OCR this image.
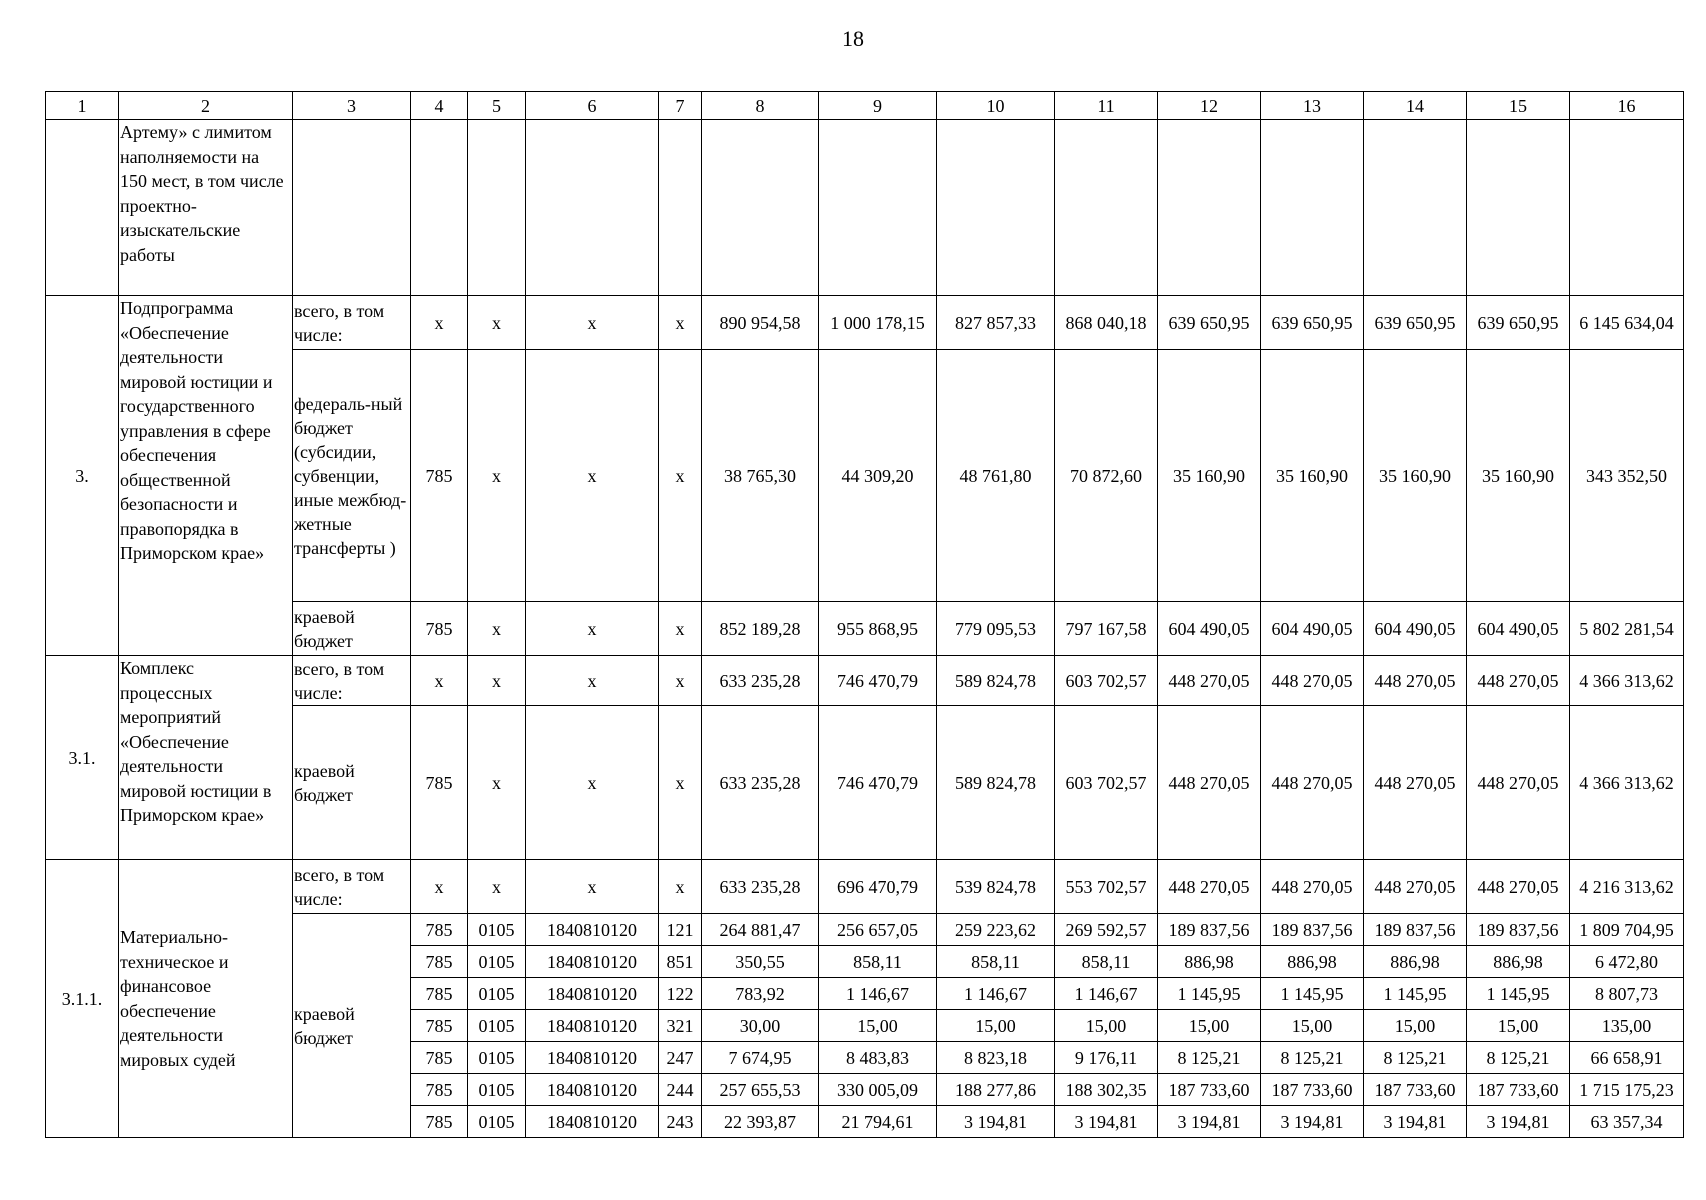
18
1	2	3	4	5	6	7	8	9	10	11	12	13	14	15	16
	Артему» с лимитом наполняемости на 150 мест, в том числе проектно-изыскательские работы														
3.	Подпрограмма «Обеспечение деятельности мировой юстиции и государственного управления в сфере обеспечения общественной безопасности и правопорядка в Приморском крае»	всего, в том числе:	x	x	x	x	890 954,58	1 000 178,15	827 857,33	868 040,18	639 650,95	639 650,95	639 650,95	639 650,95	6 145 634,04
		федераль-ный бюджет (субсидии, субвенции, иные межбюд-жетные трансферты )	785	x	x	x	38 765,30	44 309,20	48 761,80	70 872,60	35 160,90	35 160,90	35 160,90	35 160,90	343 352,50
		краевой бюджет	785	x	x	x	852 189,28	955 868,95	779 095,53	797 167,58	604 490,05	604 490,05	604 490,05	604 490,05	5 802 281,54
3.1.	Комплекс процессных мероприятий «Обеспечение деятельности мировой юстиции в Приморском крае»	всего, в том числе:	x	x	x	x	633 235,28	746 470,79	589 824,78	603 702,57	448 270,05	448 270,05	448 270,05	448 270,05	4 366 313,62
		краевой бюджет	785	x	x	x	633 235,28	746 470,79	589 824,78	603 702,57	448 270,05	448 270,05	448 270,05	448 270,05	4 366 313,62
3.1.1.	Материально-техническое и финансовое обеспечение деятельности мировых судей	всего, в том числе:	x	x	x	x	633 235,28	696 470,79	539 824,78	553 702,57	448 270,05	448 270,05	448 270,05	448 270,05	4 216 313,62
		краевой бюджет	785	0105	1840810120	121	264 881,47	256 657,05	259 223,62	269 592,57	189 837,56	189 837,56	189 837,56	189 837,56	1 809 704,95
			785	0105	1840810120	851	350,55	858,11	858,11	858,11	886,98	886,98	886,98	886,98	6 472,80
			785	0105	1840810120	122	783,92	1 146,67	1 146,67	1 146,67	1 145,95	1 145,95	1 145,95	1 145,95	8 807,73
			785	0105	1840810120	321	30,00	15,00	15,00	15,00	15,00	15,00	15,00	15,00	135,00
			785	0105	1840810120	247	7 674,95	8 483,83	8 823,18	9 176,11	8 125,21	8 125,21	8 125,21	8 125,21	66 658,91
			785	0105	1840810120	244	257 655,53	330 005,09	188 277,86	188 302,35	187 733,60	187 733,60	187 733,60	187 733,60	1 715 175,23
			785	0105	1840810120	243	22 393,87	21 794,61	3 194,81	3 194,81	3 194,81	3 194,81	3 194,81	3 194,81	63 357,34
